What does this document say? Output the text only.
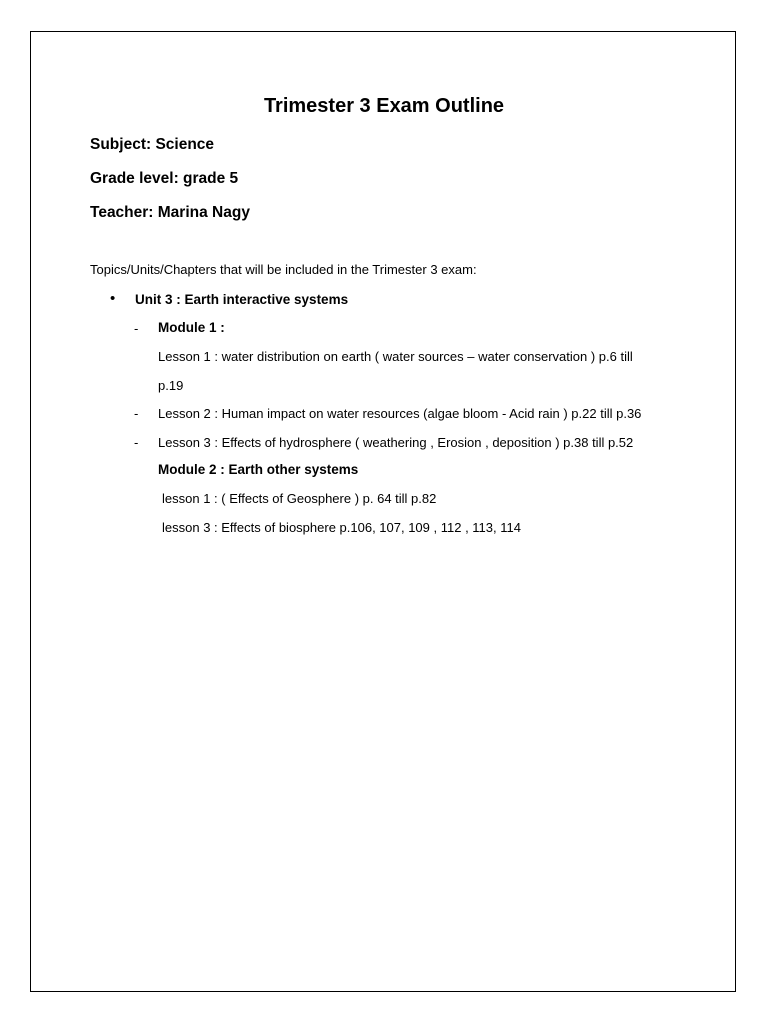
Trimester 3 Exam Outline
Subject: Science
Grade level: grade 5
Teacher: Marina Nagy
Topics/Units/Chapters that will be included in the Trimester 3 exam:
• Unit 3 : Earth interactive systems
- Module 1 :
Lesson 1 : water distribution on earth ( water sources – water conservation ) p.6 till
p.19
- Lesson 2 : Human impact on water resources (algae bloom - Acid rain ) p.22 till p.36
- Lesson 3 : Effects of hydrosphere ( weathering , Erosion , deposition ) p.38 till p.52
Module 2 : Earth other systems
lesson 1 : ( Effects of Geosphere ) p. 64 till p.82
lesson 3 : Effects of biosphere p.106, 107, 109 , 112 , 113, 114
